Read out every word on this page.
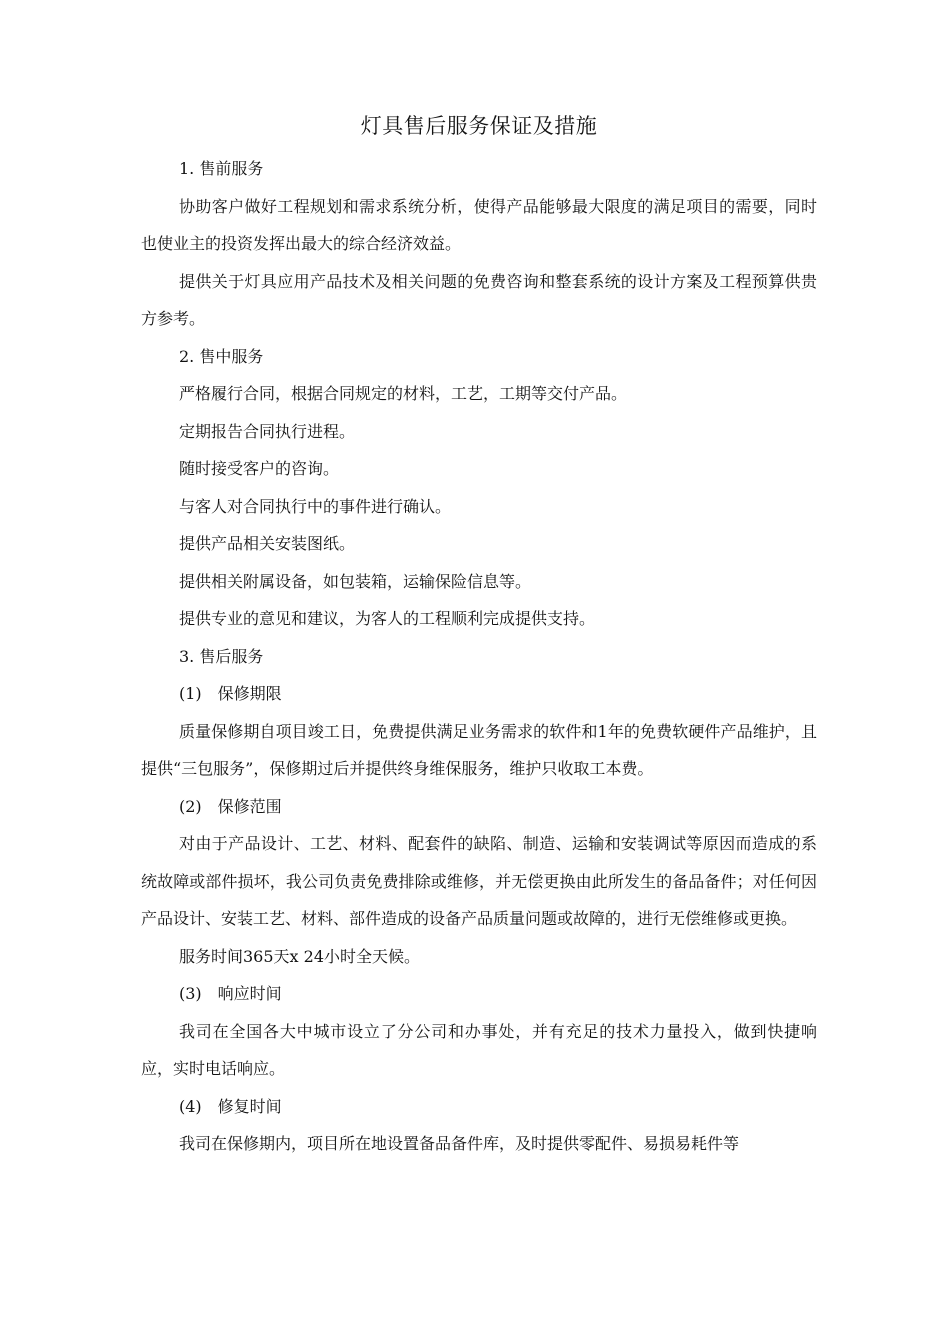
灯具售后服务保证及措施

1. 售前服务

协助客户做好工程规划和需求系统分析，使得产品能够最大限度的满足项目的需要，同时也使业主的投资发挥出最大的综合经济效益。

提供关于灯具应用产品技术及相关问题的免费咨询和整套系统的设计方案及工程预算供贵方参考。

2. 售中服务

严格履行合同，根据合同规定的材料，工艺，工期等交付产品。

定期报告合同执行进程。

随时接受客户的咨询。

与客人对合同执行中的事件进行确认。

提供产品相关安装图纸。

提供相关附属设备，如包装箱，运输保险信息等。

提供专业的意见和建议，为客人的工程顺利完成提供支持。

3. 售后服务

(1)　保修期限

质量保修期自项目竣工日，免费提供满足业务需求的软件和1年的免费软硬件产品维护，且提供“三包服务”，保修期过后并提供终身维保服务，维护只收取工本费。

(2)　保修范围

对由于产品设计、工艺、材料、配套件的缺陷、制造、运输和安装调试等原因而造成的系统故障或部件损坏，我公司负责免费排除或维修，并无偿更换由此所发生的备品备件；对任何因产品设计、安装工艺、材料、部件造成的设备产品质量问题或故障的，进行无偿维修或更换。

服务时间365天x 24小时全天候。

(3)　响应时间

我司在全国各大中城市设立了分公司和办事处，并有充足的技术力量投入，做到快捷响应，实时电话响应。

(4)　修复时间

我司在保修期内，项目所在地设置备品备件库，及时提供零配件、易损易耗件等
